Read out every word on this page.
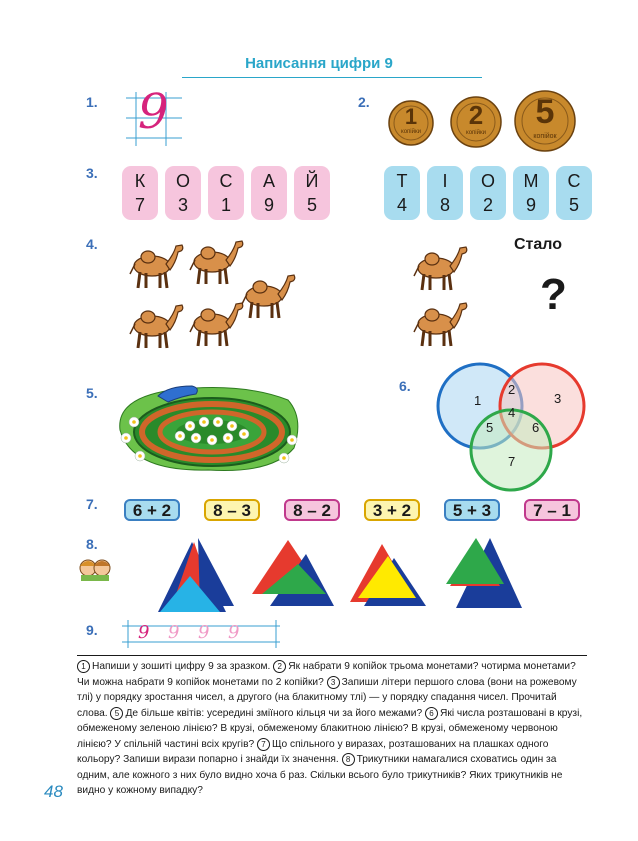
Написання цифри 9
1.	2.
3.
4.
5.	6.
7.
8.
9.
9	1
копійки
2
копійки
5
копійок
К
7
О
3
С
1
А
9
Й
5
Т
4
І
8
О
2
М
9
С
5
Стало
?
1
2
3
4
5	6
7
6 + 2	8 – 3	8 – 2	3 + 2	5 + 3	7 – 1
9 9 9 9
1 Напиши у зошиті цифру 9 за зразком. 2 Як набрати 9 копійок трьома монетами? чотирма монетами? Чи можна набрати 9 копійок монетами по 2 копійки? 3 Запиши літери першого слова (вони на рожевому тлі) у порядку зростання чисел, а другого (на блакитному тлі) — у порядку спадання чисел. Прочитай слова. 5 Де більше квітів: усередині зміїного кільця чи за його межами? 6 Які числа розташовані в крузі, обмеженому зеленою лінією? В крузі, обмеженому блакитною лінією? В крузі, обмеженому червоною лінією? У спільній частині всіх кругів? 7 Що спільного у виразах, розташованих на плашках одного кольору? Запиши вирази попарно і знайди їх значення. 8 Трикутники намагалися сховатись один за одним, але кожного з них було видно хоча б раз. Скільки всього було трикутників? Яких трикутників не видно у кожному випадку?
48
